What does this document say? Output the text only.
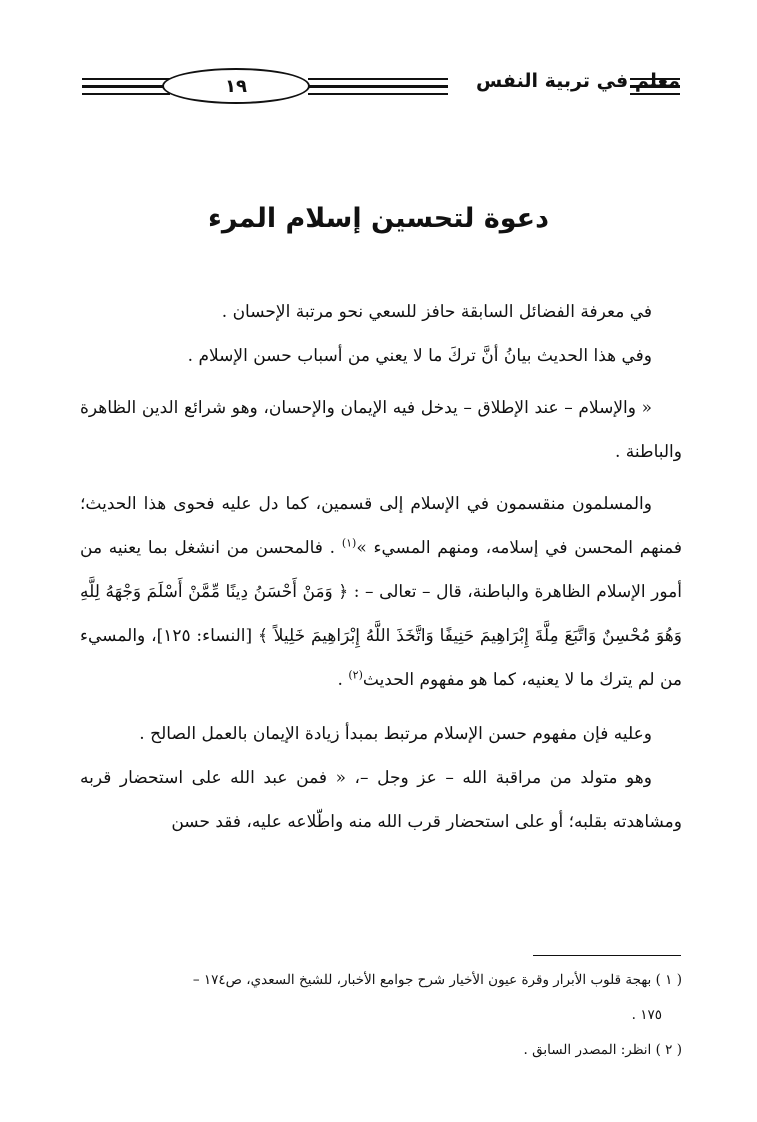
١٩	معلم في تربية النفس
دعوة لتحسين إسلام المرء

في معرفة الفضائل السابقة حافز للسعي نحو مرتبة الإحسان .

وفي هذا الحديث بيانُ أنَّ تركَ ما لا يعني من أسباب حسن الإسلام .

« والإسلام – عند الإطلاق – يدخل فيه الإيمان والإحسان، وهو شرائع الدين الظاهرة والباطنة .

والمسلمون منقسمون في الإسلام إلى قسمين، كما دل عليه فحوى هذا الحديث؛ فمنهم المحسن في إسلامه، ومنهم المسيء »$^{(١)}$ . فالمحسن من انشغل بما يعنيه من أمور الإسلام الظاهرة والباطنة، قال – تعالى – : ﴿ وَمَنْ أَحْسَنُ دِينًا مِّمَّنْ أَسْلَمَ وَجْهَهُ لِلَّهِ وَهُوَ مُحْسِنٌ وَاتَّبَعَ مِلَّةَ إِبْرَاهِيمَ حَنِيفًا وَاتَّخَذَ اللَّهُ إِبْرَاهِيمَ خَلِيلاً ﴾ [النساء: ١٢٥]، والمسيء من لم يترك ما لا يعنيه، كما هو مفهوم الحديث$^{(٢)}$ .

وعليه فإن مفهوم حسن الإسلام مرتبط بمبدأ زيادة الإيمان بالعمل الصالح .

وهو متولد من مراقبة الله – عز وجل –، « فمن عبد الله على استحضار قربه ومشاهدته بقلبه؛ أو على استحضار قرب الله منه واطّلاعه عليه، فقد حسن

( ١ ) بهجة قلوب الأبرار وقرة عيون الأخيار شرح جوامع الأخبار، للشيخ السعدي، ص١٧٤ –

١٧٥ .

( ٢ ) انظر: المصدر السابق .
